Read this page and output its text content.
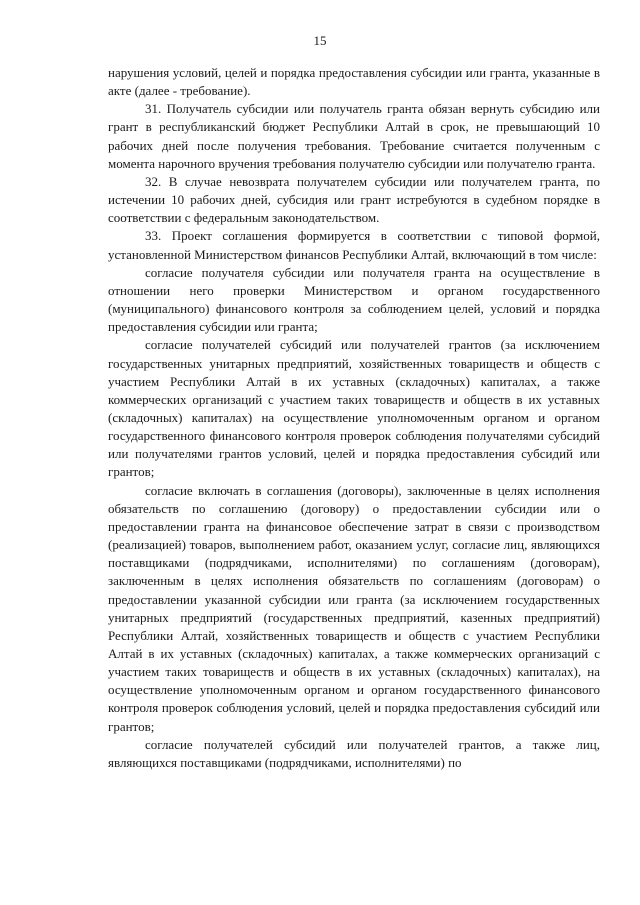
15

нарушения условий, целей и порядка предоставления субсидии или гранта, указанные в акте (далее - требование).

31. Получатель субсидии или получатель гранта обязан вернуть субсидию или грант в республиканский бюджет Республики Алтай в срок, не превышающий 10 рабочих дней после получения требования. Требование считается полученным с момента нарочного вручения требования получателю субсидии или получателю гранта.

32. В случае невозврата получателем субсидии или получателем гранта, по истечении 10 рабочих дней, субсидия или грант истребуются в судебном порядке в соответствии с федеральным законодательством.

33. Проект соглашения формируется в соответствии с типовой формой, установленной Министерством финансов Республики Алтай, включающий в том числе:

согласие получателя субсидии или получателя гранта на осуществление в отношении него проверки Министерством и органом государственного (муниципального) финансового контроля за соблюдением целей, условий и порядка предоставления субсидии или гранта;

согласие получателей субсидий или получателей грантов (за исключением государственных унитарных предприятий, хозяйственных товариществ и обществ с участием Республики Алтай в их уставных (складочных) капиталах, а также коммерческих организаций с участием таких товариществ и обществ в их уставных (складочных) капиталах) на осуществление уполномоченным органом и органом государственного финансового контроля проверок соблюдения получателями субсидий или получателями грантов условий, целей и порядка предоставления субсидий или грантов;

согласие включать в соглашения (договоры), заключенные в целях исполнения обязательств по соглашению (договору) о предоставлении субсидии или о предоставлении гранта на финансовое обеспечение затрат в связи с производством (реализацией) товаров, выполнением работ, оказанием услуг, согласие лиц, являющихся поставщиками (подрядчиками, исполнителями) по соглашениям (договорам), заключенным в целях исполнения обязательств по соглашениям (договорам) о предоставлении указанной субсидии или гранта (за исключением государственных унитарных предприятий (государственных предприятий, казенных предприятий) Республики Алтай, хозяйственных товариществ и обществ с участием Республики Алтай в их уставных (складочных) капиталах, а также коммерческих организаций с участием таких товариществ и обществ в их уставных (складочных) капиталах), на осуществление уполномоченным органом и органом государственного финансового контроля проверок соблюдения условий, целей и порядка предоставления субсидий или грантов;

согласие получателей субсидий или получателей грантов, а также лиц, являющихся поставщиками (подрядчиками, исполнителями) по
